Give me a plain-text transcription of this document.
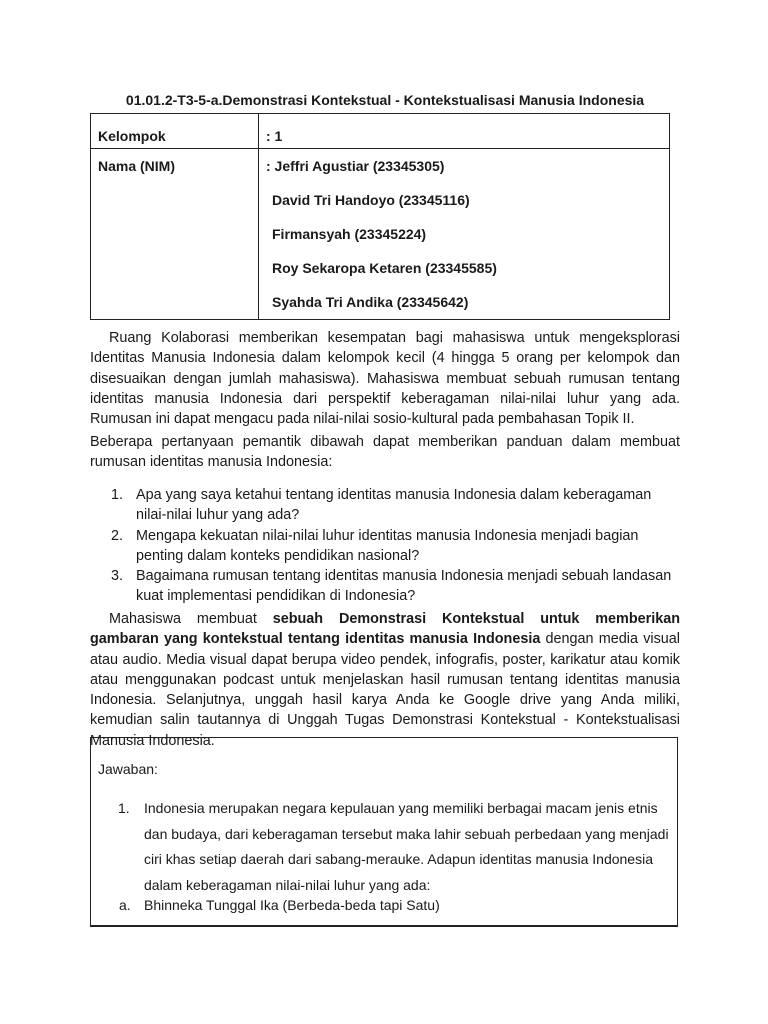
01.01.2-T3-5-a.Demonstrasi Kontekstual - Kontekstualisasi Manusia Indonesia
Kelompok	: 1
Nama (NIM)	: Jeffri Agustiar (23345305)
David Tri Handoyo (23345116)
Firmansyah (23345224)
Roy Sekaropa Ketaren (23345585)
Syahda Tri Andika (23345642)
Ruang Kolaborasi memberikan kesempatan bagi mahasiswa untuk mengeksplorasi Identitas Manusia Indonesia dalam kelompok kecil (4 hingga 5 orang per kelompok dan disesuaikan dengan jumlah mahasiswa). Mahasiswa membuat sebuah rumusan tentang identitas manusia Indonesia dari perspektif keberagaman nilai-nilai luhur yang ada. Rumusan ini dapat mengacu pada nilai-nilai sosio-kultural pada pembahasan Topik II.
Beberapa pertanyaan pemantik dibawah dapat memberikan panduan dalam membuat rumusan identitas manusia Indonesia:
1. Apa yang saya ketahui tentang identitas manusia Indonesia dalam keberagaman nilai-nilai luhur yang ada?
2. Mengapa kekuatan nilai-nilai luhur identitas manusia Indonesia menjadi bagian penting dalam konteks pendidikan nasional?
3. Bagaimana rumusan tentang identitas manusia Indonesia menjadi sebuah landasan kuat implementasi pendidikan di Indonesia?
Mahasiswa membuat sebuah Demonstrasi Kontekstual untuk memberikan gambaran yang kontekstual tentang identitas manusia Indonesia dengan media visual atau audio. Media visual dapat berupa video pendek, infografis, poster, karikatur atau komik atau menggunakan podcast untuk menjelaskan hasil rumusan tentang identitas manusia Indonesia. Selanjutnya, unggah hasil karya Anda ke Google drive yang Anda miliki, kemudian salin tautannya di Unggah Tugas Demonstrasi Kontekstual - Kontekstualisasi Manusia Indonesia.
Jawaban:
1. Indonesia merupakan negara kepulauan yang memiliki berbagai macam jenis etnis dan budaya, dari keberagaman tersebut maka lahir sebuah perbedaan yang menjadi ciri khas setiap daerah dari sabang-merauke. Adapun identitas manusia Indonesia dalam keberagaman nilai-nilai luhur yang ada:
a. Bhinneka Tunggal Ika (Berbeda-beda tapi Satu)
